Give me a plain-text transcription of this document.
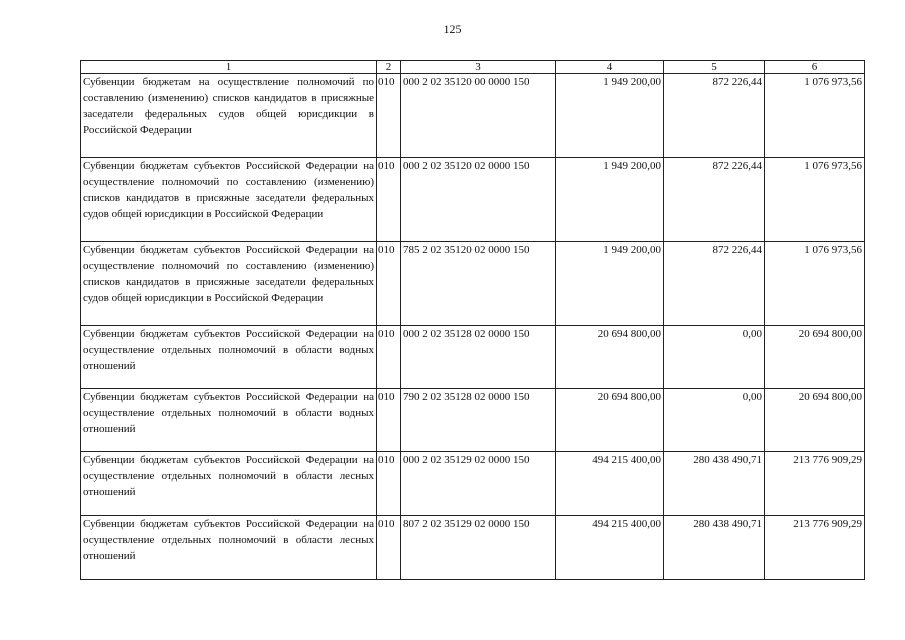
125
1	2	3	4	5	6
Субвенции бюджетам на осуществление полномочий по составлению (изменению) списков кандидатов в присяжные заседатели федеральных судов общей юрисдикции в Российской Федерации	010	000 2 02 35120 00 0000 150	1 949 200,00	872 226,44	1 076 973,56
Субвенции бюджетам субъектов Российской Федерации на осуществление полномочий по составлению (изменению) списков кандидатов в присяжные заседатели федеральных судов общей юрисдикции в Российской Федерации	010	000 2 02 35120 02 0000 150	1 949 200,00	872 226,44	1 076 973,56
Субвенции бюджетам субъектов Российской Федерации на осуществление полномочий по составлению (изменению) списков кандидатов в присяжные заседатели федеральных судов общей юрисдикции в Российской Федерации	010	785 2 02 35120 02 0000 150	1 949 200,00	872 226,44	1 076 973,56
Субвенции бюджетам субъектов Российской Федерации на осуществление отдельных полномочий в области водных отношений	010	000 2 02 35128 02 0000 150	20 694 800,00	0,00	20 694 800,00
Субвенции бюджетам субъектов Российской Федерации на осуществление отдельных полномочий в области водных отношений	010	790 2 02 35128 02 0000 150	20 694 800,00	0,00	20 694 800,00
Субвенции бюджетам субъектов Российской Федерации на осуществление отдельных полномочий в области лесных отношений	010	000 2 02 35129 02 0000 150	494 215 400,00	280 438 490,71	213 776 909,29
Субвенции бюджетам субъектов Российской Федерации на осуществление отдельных полномочий в области лесных отношений	010	807 2 02 35129 02 0000 150	494 215 400,00	280 438 490,71	213 776 909,29
